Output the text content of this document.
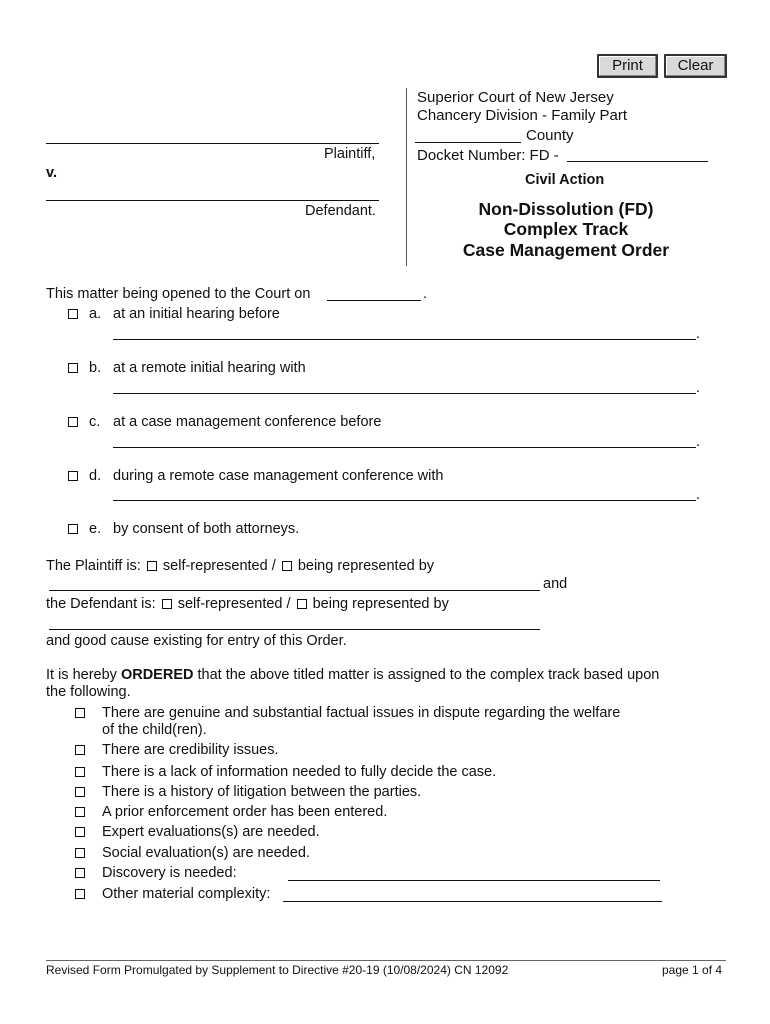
Print	Clear
Plaintiff,
v.
Defendant.
Superior Court of New Jersey
Chancery Division - Family Part
County
Docket Number: FD -
Civil Action
Non-Dissolution (FD)
Complex Track
Case Management Order
This matter being opened to the Court on	.
a. at an initial hearing before
.
b. at a remote initial hearing with
.
c. at a case management conference before
.
d. during a remote case management conference with
.
e. by consent of both attorneys.
The Plaintiff is: self-represented / being represented by
and
the Defendant is: self-represented / being represented by
and good cause existing for entry of this Order.
It is hereby ORDERED that the above titled matter is assigned to the complex track based upon
the following.
There are genuine and substantial factual issues in dispute regarding the welfare
of the child(ren).
There are credibility issues.
There is a lack of information needed to fully decide the case.
There is a history of litigation between the parties.
A prior enforcement order has been entered.
Expert evaluations(s) are needed.
Social evaluation(s) are needed.
Discovery is needed:
Other material complexity:
Revised Form Promulgated by Supplement to Directive #20-19 (10/08/2024) CN 12092	page 1 of 4
